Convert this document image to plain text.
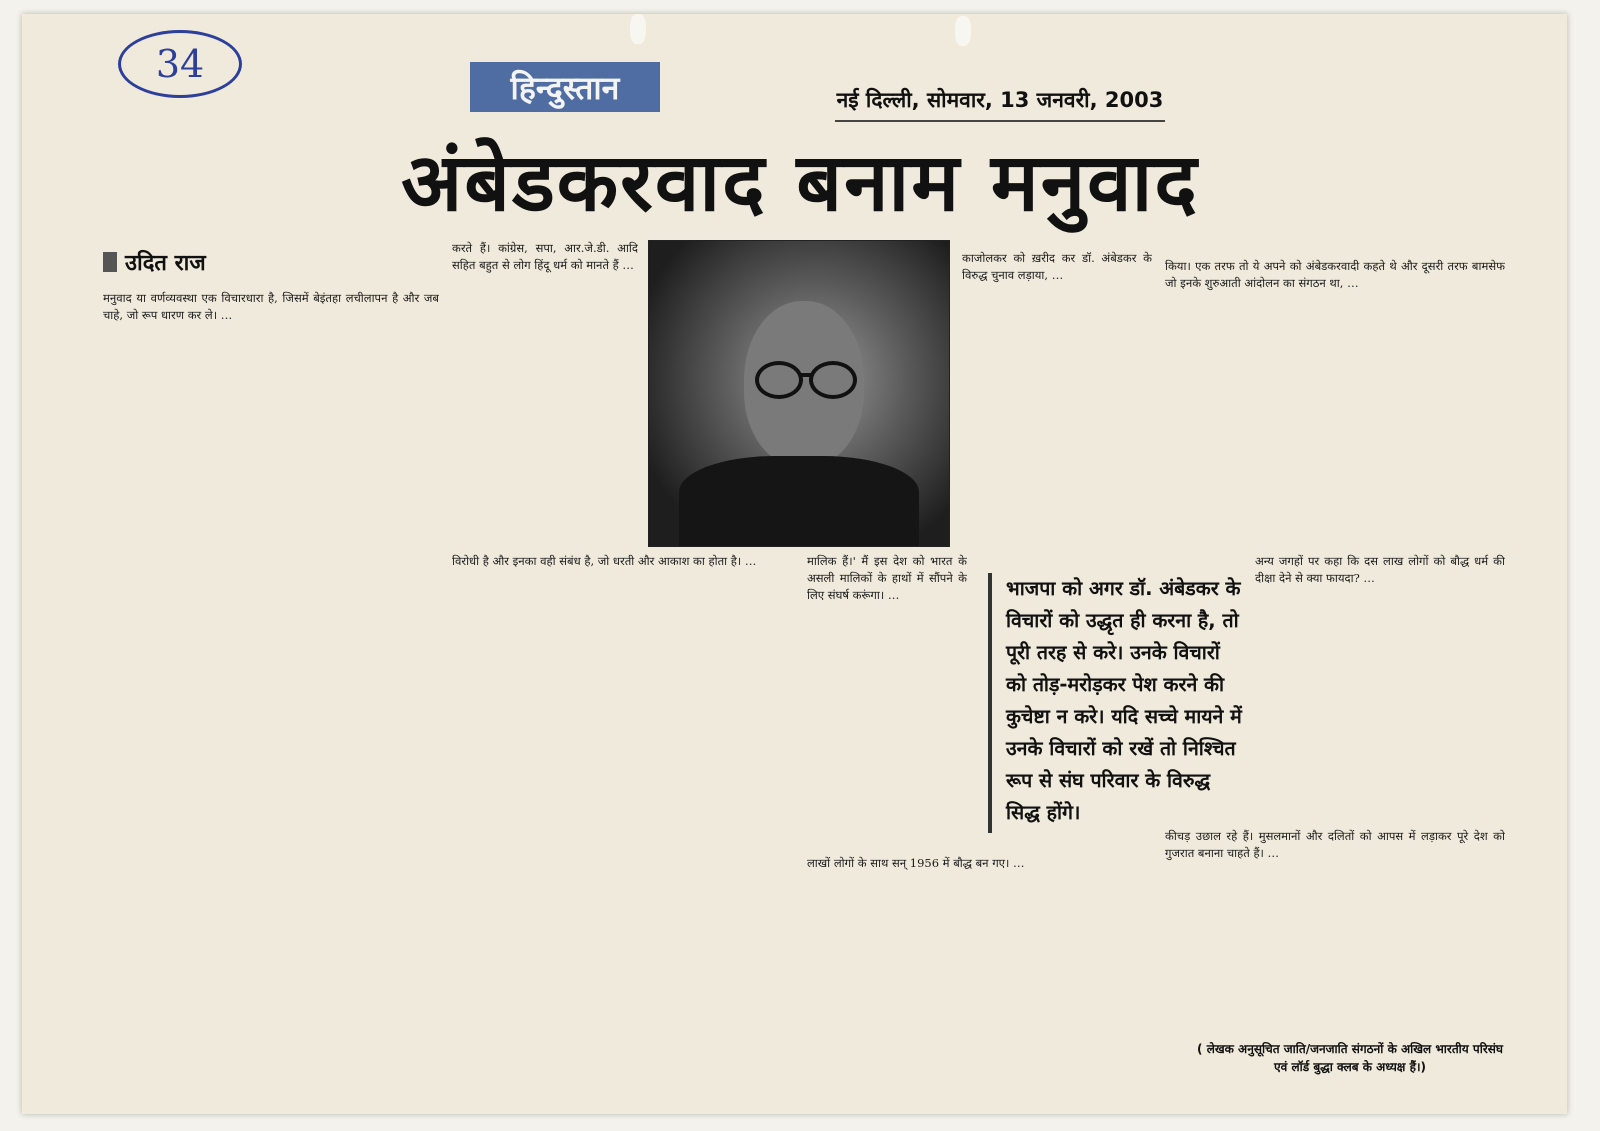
34
हिन्दुस्तान	नई दिल्ली, सोमवार, 13 जनवरी, 2003
अंबेडकरवाद बनाम मनुवाद
उदित राज

मनुवाद या वर्णव्यवस्था एक विचारधारा है, जिसमें बेइंतहा लचीलापन है और जब चाहे, जो रूप धारण कर ले। …

करते हैं। कांग्रेस, सपा, आर.जे.डी. आदि सहित बहुत से लोग हिंदू धर्म को मानते हैं …

विरोधी है और इनका वही संबंध है, जो धरती और आकाश का होता है। …

काजोलकर को ख़रीद कर डॉ. अंबेडकर के विरुद्ध चुनाव लड़ाया, …

मालिक हैं।' मैं इस देश को भारत के असली मालिकों के हाथों में सौंपने के लिए संघर्ष करूंगा। …	भाजपा को अगर डॉ. अंबेडकर के विचारों को उद्धृत ही करना है, तो पूरी तरह से करे। उनके विचारों को तोड़-मरोड़कर पेश करने की कुचेष्टा न करे। यदि सच्चे मायने में उनके विचारों को रखें तो निश्चित रूप से संघ परिवार के विरुद्ध सिद्ध होंगे।

लाखों लोगों के साथ सन् 1956 में बौद्ध बन गए। …

किया। एक तरफ तो ये अपने को अंबेडकरवादी कहते थे और दूसरी तरफ बामसेफ जो इनके शुरुआती आंदोलन का संगठन था, …

अन्य जगहों पर कहा कि दस लाख लोगों को बौद्ध धर्म की दीक्षा देने से क्या फायदा? …

कीचड़ उछाल रहे हैं। मुसलमानों और दलितों को आपस में लड़ाकर पूरे देश को गुजरात बनाना चाहते हैं। …

( लेखक अनुसूचित जाति/जनजाति संगठनों के अखिल भारतीय परिसंघ एवं लॉर्ड बुद्धा क्लब के अध्यक्ष हैं।)
